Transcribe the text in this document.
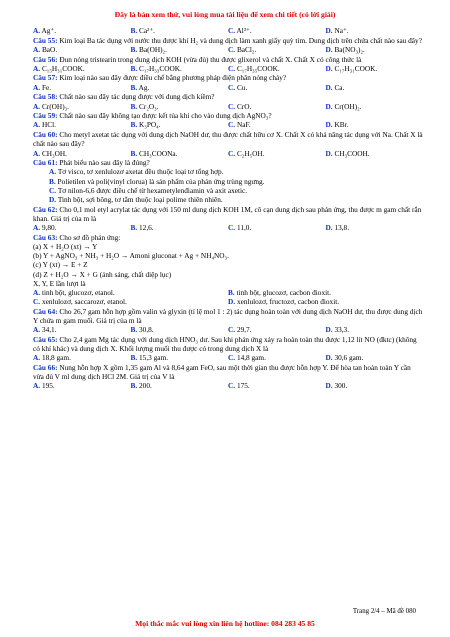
Đây là bản xem thử, vui lòng mua tài liệu để xem chi tiết (có lời giải)
A. Ag⁺.	B. Ca²⁺.	C. Al³⁺.	D. Na⁺.
Câu 55: Kim loại Ba tác dụng với nước thu được khí H₂ và dung dịch làm xanh giấy quỳ tím. Dung dịch trên chứa chất nào sau đây?
A. BaO.	B. Ba(OH)₂.	C. BaCl₂.	D. Ba(NO₃)₂.
Câu 56: Đun nóng tristearin trong dung dịch KOH (vừa đủ) thu được glixerol và chất X. Chất X có công thức là
A. C₁₅H₃₁COOK.	B. C₁₇H₃₃COOK.	C. C₁₇H₃₅COOK.	D. C₁₇H₃₁COOK.
Câu 57: Kim loại nào sau đây được điều chế bằng phương pháp điện phân nóng chảy?
A. Fe.	B. Ag.	C. Cu.	D. Ca.
Câu 58: Chất nào sau đây tác dụng được với dung dịch kiềm?
A. Cr(OH)₃.	B. Cr₂O₃.	C. CrO.	D. Cr(OH)₂.
Câu 59: Chất nào sau đây không tạo được kết tủa khi cho vào dung dịch AgNO₃?
A. HCl.	B. K₃PO₄.	C. NaF.	D. KBr.
Câu 60: Cho metyl axetat tác dụng với dung dịch NaOH dư, thu được chất hữu cơ X. Chất X có khả năng tác dụng với Na. Chất X là chất nào sau đây?
A. CH₃OH.	B. CH₃COONa.	C. C₂H₅OH.	D. CH₃COOH.
Câu 61: Phát biểu nào sau đây là đúng?
A. Tơ visco, tơ xenlulozơ axetat đều thuộc loại tơ tổng hợp.
B. Polietilen và poli(vinyl clorua) là sản phẩm của phản ứng trùng ngưng.
C. Tơ nilon-6,6 được điều chế từ hexametylenđiamin và axit axetic.
D. Tinh bột, sợi bông, tơ tằm thuộc loại polime thiên nhiên.
Câu 62: Cho 0,1 mol etyl acrylat tác dụng với 150 ml dung dịch KOH 1M, cô cạn dung dịch sau phản ứng, thu được m gam chất rắn khan. Giá trị của m là
A. 9,80.	B. 12,6.	C. 11,0.	D. 13,8.
Câu 63: Cho sơ đồ phản ứng:
(a) X + H₂O (xt) → Y
(b) Y + AgNO₃ + NH₃ + H₂O → Amoni gluconat + Ag + NH₄NO₃.
(c) Y (xt) → E + Z
(d) Z + H₂O → X + G (ánh sáng, chất diệp lục)
X, Y, E lần lượt là
A. tinh bột, glucozơ, etanol.	B. tinh bột, glucozơ, cacbon đioxit.
C. xenlulozơ, saccarozơ, etanol.	D. xenlulozơ, fructozơ, cacbon đioxit.
Câu 64: Cho 26,7 gam hỗn hợp gồm valin và glyxin (tỉ lệ mol 1 : 2) tác dụng hoàn toàn với dung dịch NaOH dư, thu được dung dịch Y chứa m gam muối. Giá trị của m là
A. 34,1.	B. 30,8.	C. 29,7.	D. 33,3.
Câu 65: Cho 2,4 gam Mg tác dụng với dung dịch HNO₃ dư. Sau khi phản ứng xảy ra hoàn toàn thu được 1,12 lít NO (đktc) (không có khí khác) và dung dịch X. Khối lượng muối thu được có trong dung dịch X là
A. 18,8 gam.	B. 15,3 gam.	C. 14,8 gam.	D. 30,6 gam.
Câu 66: Nung hỗn hợp X gồm 1,35 gam Al và 8,64 gam FeO, sau một thời gian thu được hỗn hợp Y. Để hòa tan hoàn toàn Y cần vừa đủ V ml dung dịch HCl 2M. Giá trị của V là
A. 195.	B. 200.	C. 175.	D. 300.
Trang 2/4 – Mã đề 080
Mọi thắc mắc vui lòng xin liên hệ hotline: 084 283 45 85
